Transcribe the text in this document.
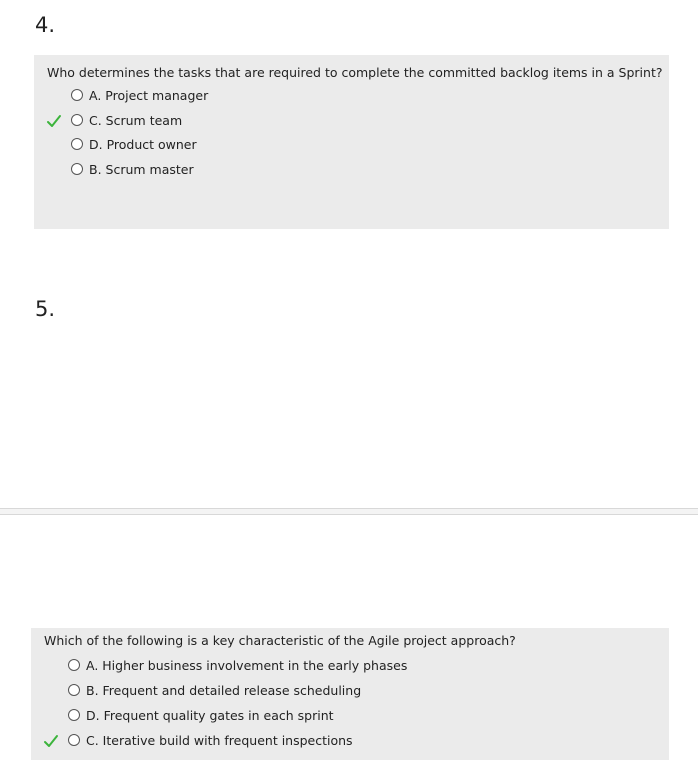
4.
Who determines the tasks that are required to complete the committed backlog items in a Sprint?
A. Project manager
C. Scrum team
D. Product owner
B. Scrum master
5.
Which of the following is a key characteristic of the Agile project approach?
A. Higher business involvement in the early phases
B. Frequent and detailed release scheduling
D. Frequent quality gates in each sprint
C. Iterative build with frequent inspections
